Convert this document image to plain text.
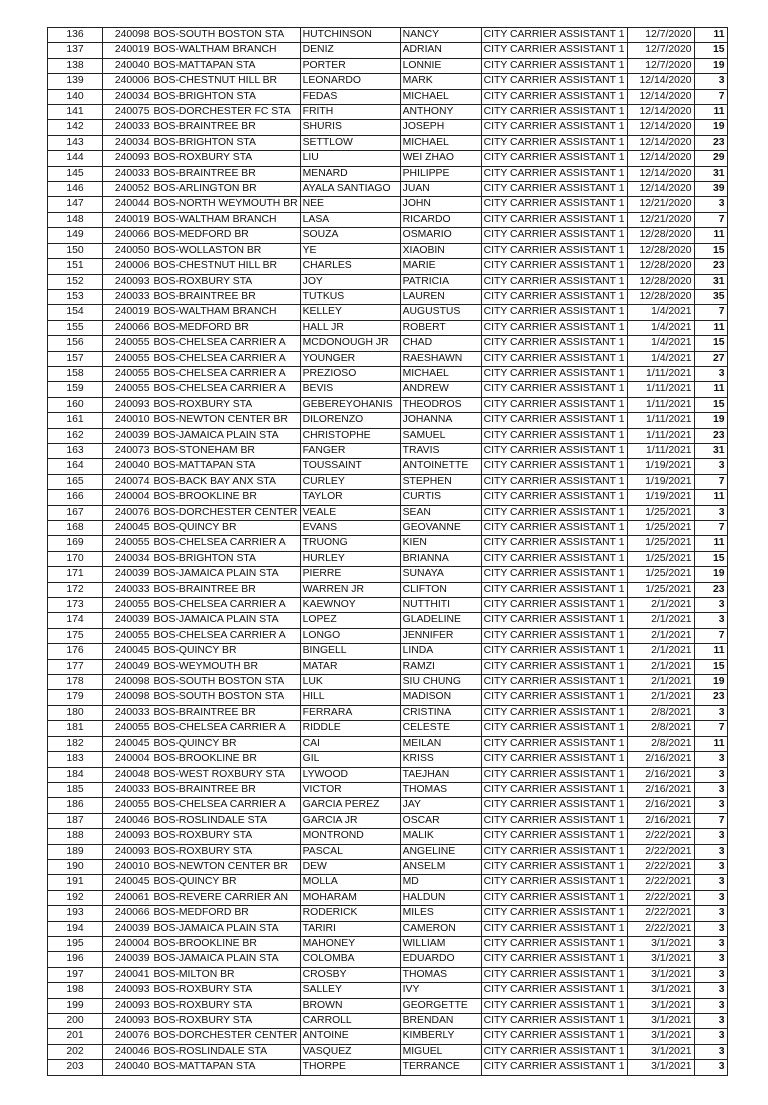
136	240098	BOS-SOUTH BOSTON STA	HUTCHINSON	NANCY	CITY CARRIER ASSISTANT 1	12/7/2020	11
137	240019	BOS-WALTHAM BRANCH	DENIZ	ADRIAN	CITY CARRIER ASSISTANT 1	12/7/2020	15
138	240040	BOS-MATTAPAN STA	PORTER	LONNIE	CITY CARRIER ASSISTANT 1	12/7/2020	19
139	240006	BOS-CHESTNUT HILL BR	LEONARDO	MARK	CITY CARRIER ASSISTANT 1	12/14/2020	3
140	240034	BOS-BRIGHTON STA	FEDAS	MICHAEL	CITY CARRIER ASSISTANT 1	12/14/2020	7
141	240075	BOS-DORCHESTER FC STA	FRITH	ANTHONY	CITY CARRIER ASSISTANT 1	12/14/2020	11
142	240033	BOS-BRAINTREE BR	SHURIS	JOSEPH	CITY CARRIER ASSISTANT 1	12/14/2020	19
143	240034	BOS-BRIGHTON STA	SETTLOW	MICHAEL	CITY CARRIER ASSISTANT 1	12/14/2020	23
144	240093	BOS-ROXBURY STA	LIU	WEI ZHAO	CITY CARRIER ASSISTANT 1	12/14/2020	29
145	240033	BOS-BRAINTREE BR	MENARD	PHILIPPE	CITY CARRIER ASSISTANT 1	12/14/2020	31
146	240052	BOS-ARLINGTON BR	AYALA SANTIAGO	JUAN	CITY CARRIER ASSISTANT 1	12/14/2020	39
147	240044	BOS-NORTH WEYMOUTH BR	NEE	JOHN	CITY CARRIER ASSISTANT 1	12/21/2020	3
148	240019	BOS-WALTHAM BRANCH	LASA	RICARDO	CITY CARRIER ASSISTANT 1	12/21/2020	7
149	240066	BOS-MEDFORD BR	SOUZA	OSMARIO	CITY CARRIER ASSISTANT 1	12/28/2020	11
150	240050	BOS-WOLLASTON BR	YE	XIAOBIN	CITY CARRIER ASSISTANT 1	12/28/2020	15
151	240006	BOS-CHESTNUT HILL BR	CHARLES	MARIE	CITY CARRIER ASSISTANT 1	12/28/2020	23
152	240093	BOS-ROXBURY STA	JOY	PATRICIA	CITY CARRIER ASSISTANT 1	12/28/2020	31
153	240033	BOS-BRAINTREE BR	TUTKUS	LAUREN	CITY CARRIER ASSISTANT 1	12/28/2020	35
154	240019	BOS-WALTHAM BRANCH	KELLEY	AUGUSTUS	CITY CARRIER ASSISTANT 1	1/4/2021	7
155	240066	BOS-MEDFORD BR	HALL JR	ROBERT	CITY CARRIER ASSISTANT 1	1/4/2021	11
156	240055	BOS-CHELSEA CARRIER A	MCDONOUGH JR	CHAD	CITY CARRIER ASSISTANT 1	1/4/2021	15
157	240055	BOS-CHELSEA CARRIER A	YOUNGER	RAESHAWN	CITY CARRIER ASSISTANT 1	1/4/2021	27
158	240055	BOS-CHELSEA CARRIER A	PREZIOSO	MICHAEL	CITY CARRIER ASSISTANT 1	1/11/2021	3
159	240055	BOS-CHELSEA CARRIER A	BEVIS	ANDREW	CITY CARRIER ASSISTANT 1	1/11/2021	11
160	240093	BOS-ROXBURY STA	GEBEREYOHANIS	THEODROS	CITY CARRIER ASSISTANT 1	1/11/2021	15
161	240010	BOS-NEWTON CENTER BR	DILORENZO	JOHANNA	CITY CARRIER ASSISTANT 1	1/11/2021	19
162	240039	BOS-JAMAICA PLAIN STA	CHRISTOPHE	SAMUEL	CITY CARRIER ASSISTANT 1	1/11/2021	23
163	240073	BOS-STONEHAM BR	FANGER	TRAVIS	CITY CARRIER ASSISTANT 1	1/11/2021	31
164	240040	BOS-MATTAPAN STA	TOUSSAINT	ANTOINETTE	CITY CARRIER ASSISTANT 1	1/19/2021	3
165	240074	BOS-BACK BAY ANX STA	CURLEY	STEPHEN	CITY CARRIER ASSISTANT 1	1/19/2021	7
166	240004	BOS-BROOKLINE BR	TAYLOR	CURTIS	CITY CARRIER ASSISTANT 1	1/19/2021	11
167	240076	BOS-DORCHESTER CENTER	VEALE	SEAN	CITY CARRIER ASSISTANT 1	1/25/2021	3
168	240045	BOS-QUINCY BR	EVANS	GEOVANNE	CITY CARRIER ASSISTANT 1	1/25/2021	7
169	240055	BOS-CHELSEA CARRIER A	TRUONG	KIEN	CITY CARRIER ASSISTANT 1	1/25/2021	11
170	240034	BOS-BRIGHTON STA	HURLEY	BRIANNA	CITY CARRIER ASSISTANT 1	1/25/2021	15
171	240039	BOS-JAMAICA PLAIN STA	PIERRE	SUNAYA	CITY CARRIER ASSISTANT 1	1/25/2021	19
172	240033	BOS-BRAINTREE BR	WARREN JR	CLIFTON	CITY CARRIER ASSISTANT 1	1/25/2021	23
173	240055	BOS-CHELSEA CARRIER A	KAEWNOY	NUTTHITI	CITY CARRIER ASSISTANT 1	2/1/2021	3
174	240039	BOS-JAMAICA PLAIN STA	LOPEZ	GLADELINE	CITY CARRIER ASSISTANT 1	2/1/2021	3
175	240055	BOS-CHELSEA CARRIER A	LONGO	JENNIFER	CITY CARRIER ASSISTANT 1	2/1/2021	7
176	240045	BOS-QUINCY BR	BINGELL	LINDA	CITY CARRIER ASSISTANT 1	2/1/2021	11
177	240049	BOS-WEYMOUTH BR	MATAR	RAMZI	CITY CARRIER ASSISTANT 1	2/1/2021	15
178	240098	BOS-SOUTH BOSTON STA	LUK	SIU CHUNG	CITY CARRIER ASSISTANT 1	2/1/2021	19
179	240098	BOS-SOUTH BOSTON STA	HILL	MADISON	CITY CARRIER ASSISTANT 1	2/1/2021	23
180	240033	BOS-BRAINTREE BR	FERRARA	CRISTINA	CITY CARRIER ASSISTANT 1	2/8/2021	3
181	240055	BOS-CHELSEA CARRIER A	RIDDLE	CELESTE	CITY CARRIER ASSISTANT 1	2/8/2021	7
182	240045	BOS-QUINCY BR	CAI	MEILAN	CITY CARRIER ASSISTANT 1	2/8/2021	11
183	240004	BOS-BROOKLINE BR	GIL	KRISS	CITY CARRIER ASSISTANT 1	2/16/2021	3
184	240048	BOS-WEST ROXBURY STA	LYWOOD	TAEJHAN	CITY CARRIER ASSISTANT 1	2/16/2021	3
185	240033	BOS-BRAINTREE BR	VICTOR	THOMAS	CITY CARRIER ASSISTANT 1	2/16/2021	3
186	240055	BOS-CHELSEA CARRIER A	GARCIA PEREZ	JAY	CITY CARRIER ASSISTANT 1	2/16/2021	3
187	240046	BOS-ROSLINDALE STA	GARCIA JR	OSCAR	CITY CARRIER ASSISTANT 1	2/16/2021	7
188	240093	BOS-ROXBURY STA	MONTROND	MALIK	CITY CARRIER ASSISTANT 1	2/22/2021	3
189	240093	BOS-ROXBURY STA	PASCAL	ANGELINE	CITY CARRIER ASSISTANT 1	2/22/2021	3
190	240010	BOS-NEWTON CENTER BR	DEW	ANSELM	CITY CARRIER ASSISTANT 1	2/22/2021	3
191	240045	BOS-QUINCY BR	MOLLA	MD	CITY CARRIER ASSISTANT 1	2/22/2021	3
192	240061	BOS-REVERE CARRIER AN	MOHARAM	HALDUN	CITY CARRIER ASSISTANT 1	2/22/2021	3
193	240066	BOS-MEDFORD BR	RODERICK	MILES	CITY CARRIER ASSISTANT 1	2/22/2021	3
194	240039	BOS-JAMAICA PLAIN STA	TARIRI	CAMERON	CITY CARRIER ASSISTANT 1	2/22/2021	3
195	240004	BOS-BROOKLINE BR	MAHONEY	WILLIAM	CITY CARRIER ASSISTANT 1	3/1/2021	3
196	240039	BOS-JAMAICA PLAIN STA	COLOMBA	EDUARDO	CITY CARRIER ASSISTANT 1	3/1/2021	3
197	240041	BOS-MILTON BR	CROSBY	THOMAS	CITY CARRIER ASSISTANT 1	3/1/2021	3
198	240093	BOS-ROXBURY STA	SALLEY	IVY	CITY CARRIER ASSISTANT 1	3/1/2021	3
199	240093	BOS-ROXBURY STA	BROWN	GEORGETTE	CITY CARRIER ASSISTANT 1	3/1/2021	3
200	240093	BOS-ROXBURY STA	CARROLL	BRENDAN	CITY CARRIER ASSISTANT 1	3/1/2021	3
201	240076	BOS-DORCHESTER CENTER	ANTOINE	KIMBERLY	CITY CARRIER ASSISTANT 1	3/1/2021	3
202	240046	BOS-ROSLINDALE STA	VASQUEZ	MIGUEL	CITY CARRIER ASSISTANT 1	3/1/2021	3
203	240040	BOS-MATTAPAN STA	THORPE	TERRANCE	CITY CARRIER ASSISTANT 1	3/1/2021	3
